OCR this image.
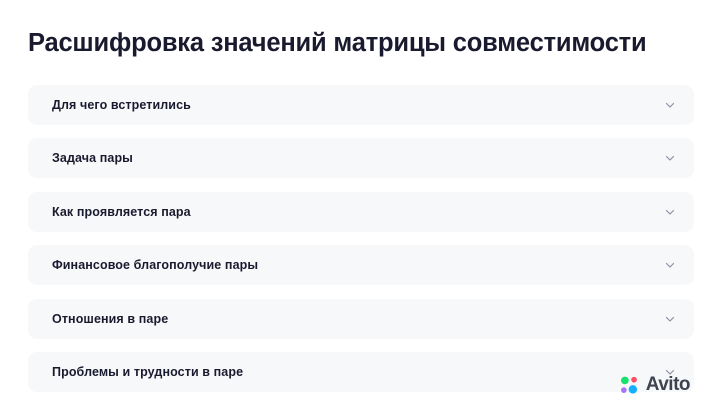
Расшифровка значений матрицы совместимости
Для чего встретились
Задача пары
Как проявляется пара
Финансовое благополучие пары
Отношения в паре
Проблемы и трудности в паре
Avito
